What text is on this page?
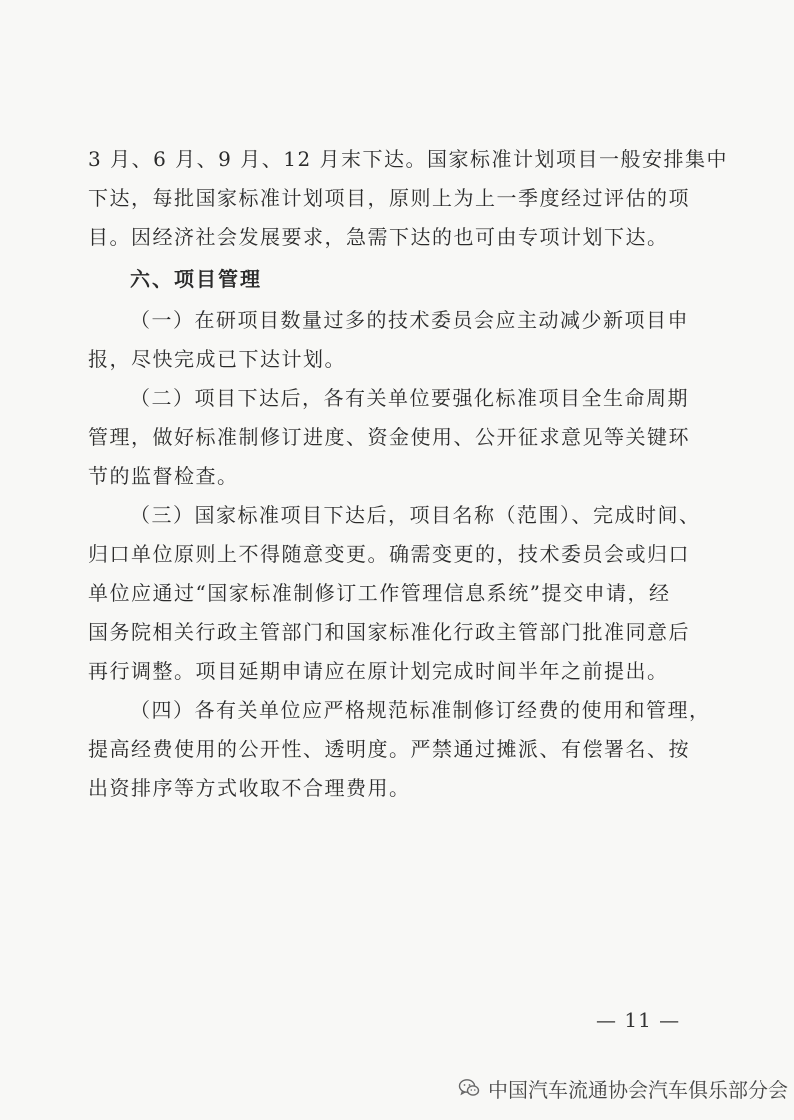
3 月、6 月、9 月、12 月末下达。国家标准计划项目一般安排集中

下达，每批国家标准计划项目，原则上为上一季度经过评估的项

目。因经济社会发展要求，急需下达的也可由专项计划下达。

六、项目管理

（一）在研项目数量过多的技术委员会应主动减少新项目申

报，尽快完成已下达计划。

（二）项目下达后，各有关单位要强化标准项目全生命周期

管理，做好标准制修订进度、资金使用、公开征求意见等关键环

节的监督检查。

（三）国家标准项目下达后，项目名称（范围）、完成时间、

归口单位原则上不得随意变更。确需变更的，技术委员会或归口

单位应通过“国家标准制修订工作管理信息系统”提交申请，经

国务院相关行政主管部门和国家标准化行政主管部门批准同意后

再行调整。项目延期申请应在原计划完成时间半年之前提出。

（四）各有关单位应严格规范标准制修订经费的使用和管理，

提高经费使用的公开性、透明度。严禁通过摊派、有偿署名、按

出资排序等方式收取不合理费用。

— 11 —
中国汽车流通协会汽车俱乐部分会
